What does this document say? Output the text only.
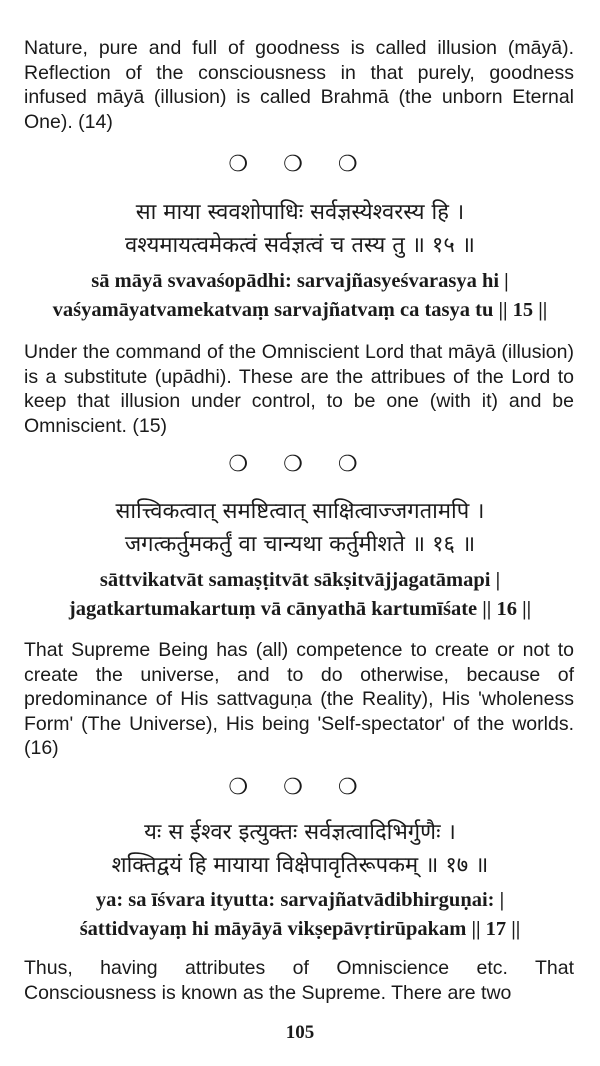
Nature, pure and full of goodness is called illusion (māyā). Reflection of the consciousness in that purely, goodness infused māyā (illusion) is called Brahmā (the unborn Eternal One). (14)

❍ ❍ ❍
सा माया स्ववशोपाधिः सर्वज्ञस्येश्वरस्य हि ।
वश्यमायत्वमेकत्वं सर्वज्ञत्वं च तस्य तु ॥ १५ ॥
sā māyā svavaśopādhi: sarvajñasyeśvarasya hi |
vaśyamāyatvamekatvaṃ sarvajñatvaṃ ca tasya tu || 15 ||

Under the command of the Omniscient Lord that māyā (illusion) is a substitute (upādhi). These are the attribues of the Lord to keep that illusion under control, to be one (with it) and be Omniscient. (15)

❍ ❍ ❍
सात्त्विकत्वात् समष्टित्वात् साक्षित्वाज्जगतामपि ।
जगत्कर्तुमकर्तुं वा चान्यथा कर्तुमीशते ॥ १६ ॥
sāttvikatvāt samaṣṭitvāt sākṣitvājjagatāmapi |
jagatkartumakartuṃ vā cānyathā kartumīśate || 16 ||

That Supreme Being has (all) competence to create or not to create the universe, and to do otherwise, because of predominance of His sattvaguṇa (the Reality), His 'wholeness Form' (The Universe), His being 'Self-spectator' of the worlds. (16)

❍ ❍ ❍
यः स ईश्वर इत्युक्तः सर्वज्ञत्वादिभिर्गुणैः ।
शक्तिद्वयं हि मायाया विक्षेपावृतिरूपकम् ॥ १७ ॥
ya: sa īśvara ityutta: sarvajñatvādibhirguṇai: |
śattidvayaṃ hi māyāyā vikṣepāvṛtirūpakam || 17 ||

Thus, having attributes of Omniscience etc. That Consciousness is known as the Supreme. There are two

105
